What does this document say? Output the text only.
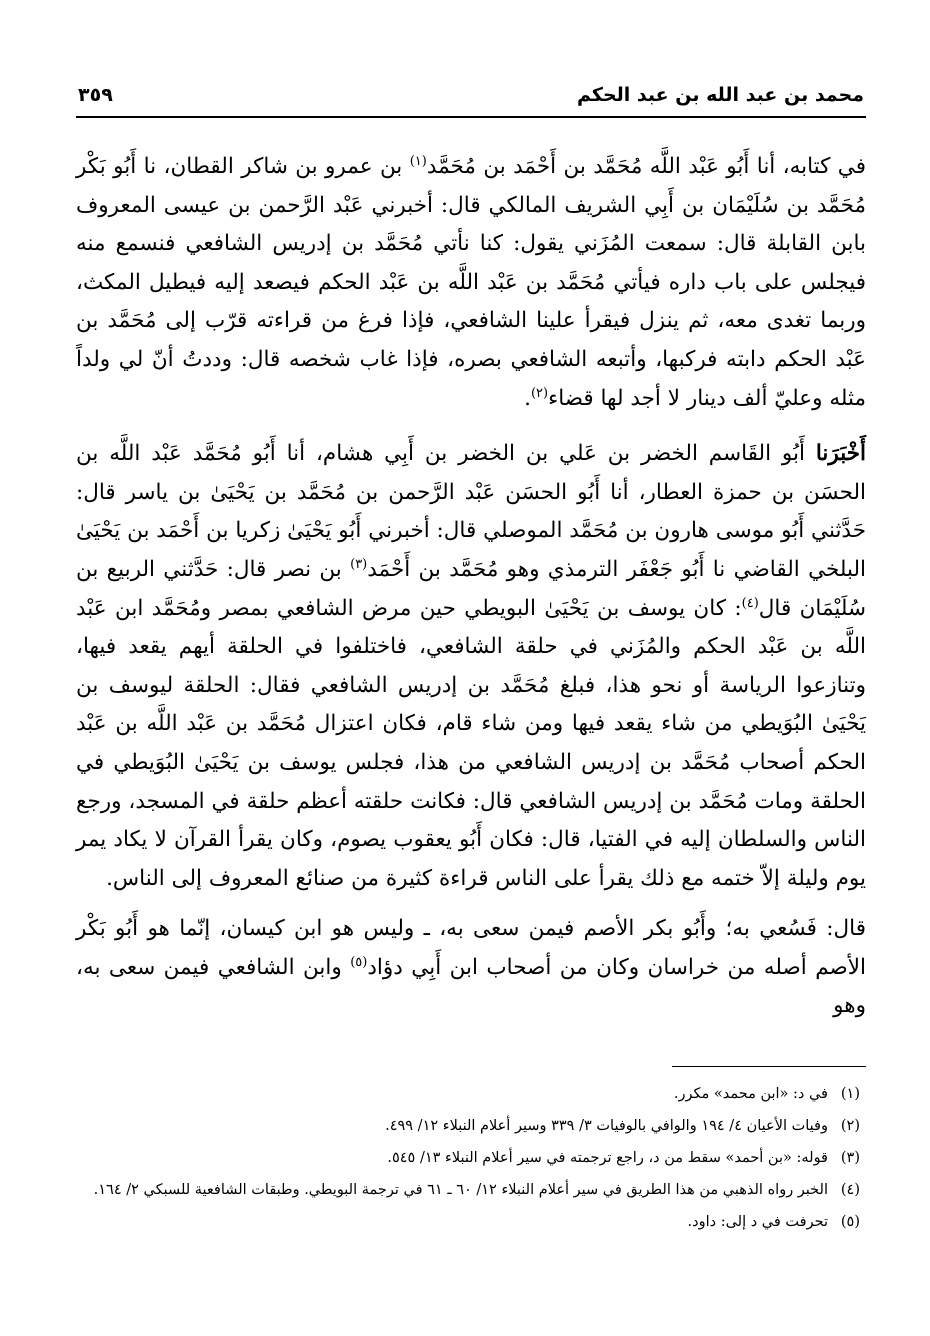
محمد بن عبد الله بن عبد الحكم
٣٥٩

في كتابه، أنا أَبُو عَبْد اللَّه مُحَمَّد بن أَحْمَد بن مُحَمَّد$^{(١)}$ بن عمرو بن شاكر القطان، نا أَبُو بَكْر مُحَمَّد بن سُلَيْمَان بن أَبِي الشريف المالكي قال: أخبرني عَبْد الرَّحمن بن عيسى المعروف بابن القابلة قال: سمعت المُزَني يقول: كنا نأتي مُحَمَّد بن إدريس الشافعي فنسمع منه فيجلس على باب داره فيأتي مُحَمَّد بن عَبْد اللَّه بن عَبْد الحكم فيصعد إليه فيطيل المكث، وربما تغدى معه، ثم ينزل فيقرأ علينا الشافعي، فإذا فرغ من قراءته قرّب إلى مُحَمَّد بن عَبْد الحكم دابته فركبها، وأتبعه الشافعي بصره، فإذا غاب شخصه قال: وددتُ أنّ لي ولداً مثله وعليّ ألف دينار لا أجد لها قضاء$^{(٢)}$.

أَخْبَرَنا أَبُو القَاسم الخضر بن عَلي بن الخضر بن أَبِي هشام، أنا أَبُو مُحَمَّد عَبْد اللَّه بن الحسَن بن حمزة العطار، أنا أَبُو الحسَن عَبْد الرَّحمن بن مُحَمَّد بن يَحْيَىٰ بن ياسر قال: حَدَّثني أَبُو موسى هارون بن مُحَمَّد الموصلي قال: أخبرني أَبُو يَحْيَىٰ زكريا بن أَحْمَد بن يَحْيَىٰ البلخي القاضي نا أَبُو جَعْفَر الترمذي وهو مُحَمَّد بن أَحْمَد$^{(٣)}$ بن نصر قال: حَدَّثني الربيع بن سُلَيْمَان قال$^{(٤)}$: كان يوسف بن يَحْيَىٰ البويطي حين مرض الشافعي بمصر ومُحَمَّد ابن عَبْد اللَّه بن عَبْد الحكم والمُزَني في حلقة الشافعي، فاختلفوا في الحلقة أيهم يقعد فيها، وتنازعوا الرياسة أو نحو هذا، فبلغ مُحَمَّد بن إدريس الشافعي فقال: الحلقة ليوسف بن يَحْيَىٰ البُوَيطي من شاء يقعد فيها ومن شاء قام، فكان اعتزال مُحَمَّد بن عَبْد اللَّه بن عَبْد الحكم أصحاب مُحَمَّد بن إدريس الشافعي من هذا، فجلس يوسف بن يَحْيَىٰ البُوَيطي في الحلقة ومات مُحَمَّد بن إدريس الشافعي قال: فكانت حلقته أعظم حلقة في المسجد، ورجع الناس والسلطان إليه في الفتيا، قال: فكان أَبُو يعقوب يصوم، وكان يقرأ القرآن لا يكاد يمر يوم وليلة إلاّ ختمه مع ذلك يقرأ على الناس قراءة كثيرة من صنائع المعروف إلى الناس.

قال: فَسُعي به؛ وأَبُو بكر الأصم فيمن سعى به، ـ وليس هو ابن كيسان، إنّما هو أَبُو بَكْر الأصم أصله من خراسان وكان من أصحاب ابن أَبِي دؤاد$^{(٥)}$ وابن الشافعي فيمن سعى به، وهو

(١)
في د: «ابن محمد» مكرر.
(٢)
وفيات الأعيان ٤/ ١٩٤ والوافي بالوفيات ٣/ ٣٣٩ وسير أعلام النبلاء ١٢/ ٤٩٩.
(٣)
قوله: «بن أحمد» سقط من د، راجع ترجمته في سير أعلام النبلاء ١٣/ ٥٤٥.
(٤)
الخبر رواه الذهبي من هذا الطريق في سير أعلام النبلاء ١٢/ ٦٠ ـ ٦١ في ترجمة البويطي. وطبقات الشافعية للسبكي ٢/ ١٦٤.
(٥)
تحرفت في د إلى: داود.
